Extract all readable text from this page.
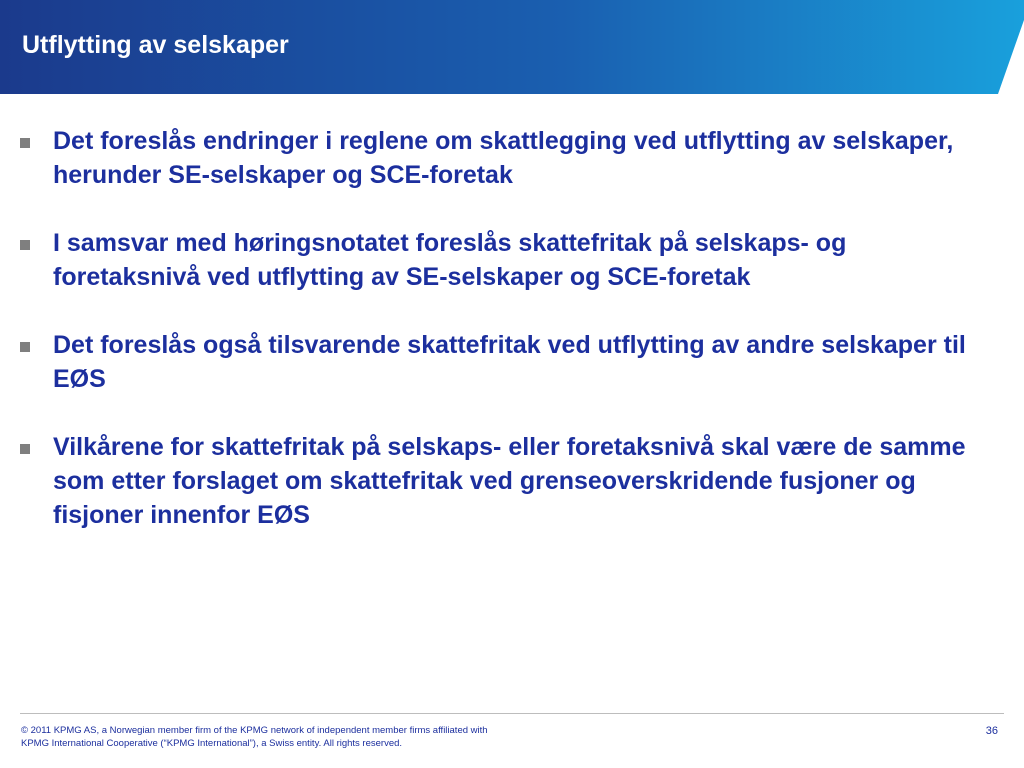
Utflytting av selskaper
Det foreslås endringer i reglene om skattlegging ved utflytting av selskaper, herunder SE-selskaper og SCE-foretak
I samsvar med høringsnotatet foreslås skattefritak på selskaps- og foretaksnivå ved utflytting av SE-selskaper og SCE-foretak
Det foreslås også tilsvarende skattefritak ved utflytting av andre selskaper til EØS
Vilkårene for skattefritak på selskaps- eller foretaksnivå skal være de samme som etter forslaget om skattefritak ved grenseoverskridende fusjoner og fisjoner innenfor EØS

© 2011 KPMG AS, a Norwegian member firm of the KPMG network of independent member firms affiliated with
KPMG International Cooperative (“KPMG International”), a Swiss entity. All rights reserved.

36
